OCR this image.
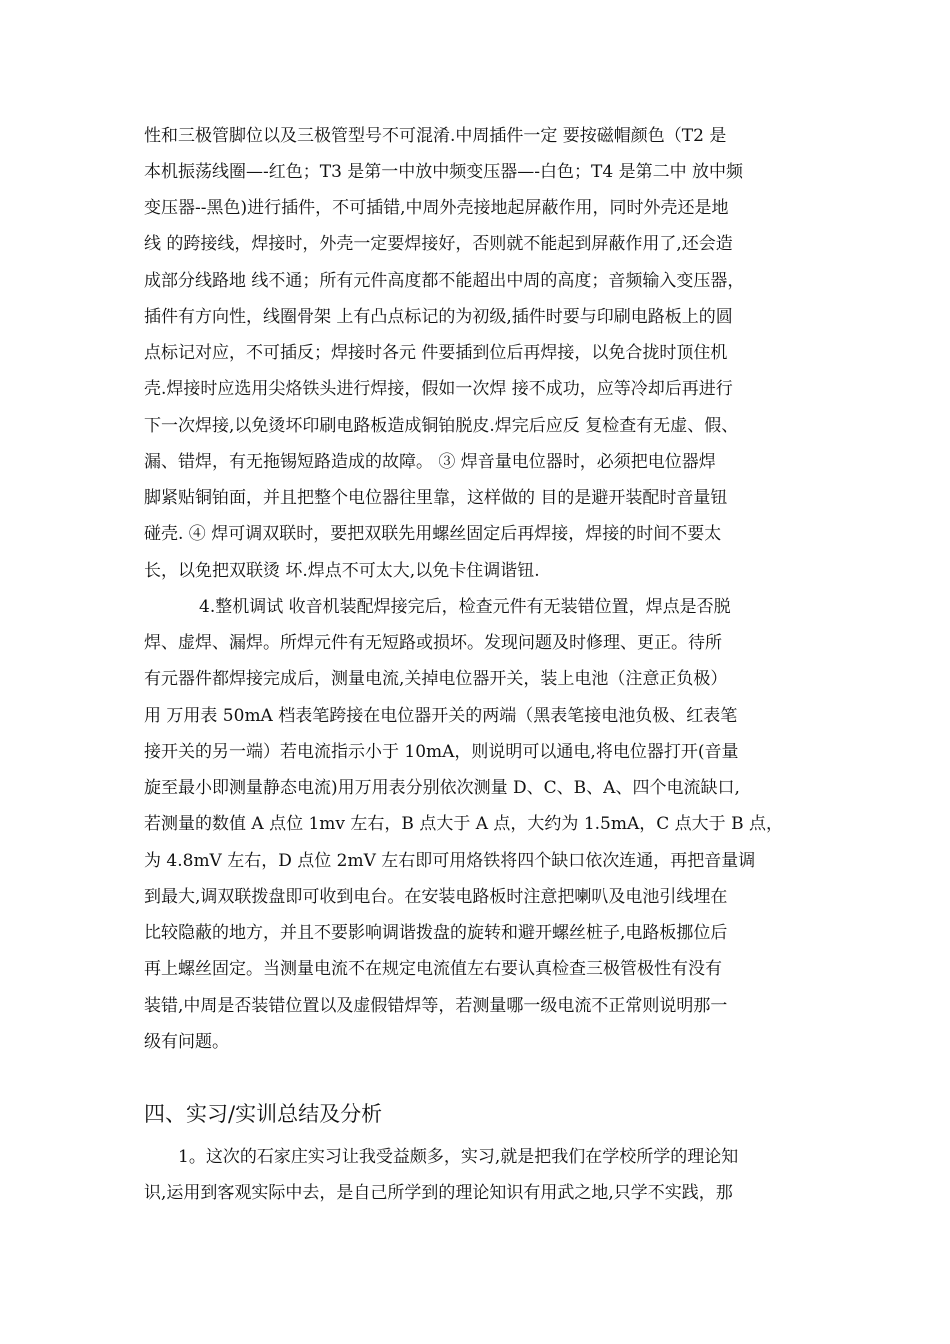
性和三极管脚位以及三极管型号不可混淆.中周插件一定 要按磁帽颜色（T2 是
本机振荡线圈—-红色；T3 是第一中放中频变压器—-白色；T4 是第二中 放中频
变压器--黑色)进行插件，不可插错,中周外壳接地起屏蔽作用，同时外壳还是地
线 的跨接线，焊接时，外壳一定要焊接好，否则就不能起到屏蔽作用了,还会造
成部分线路地 线不通；所有元件高度都不能超出中周的高度；音频输入变压器，
插件有方向性，线圈骨架 上有凸点标记的为初级,插件时要与印刷电路板上的圆
点标记对应，不可插反；焊接时各元 件要插到位后再焊接，以免合拢时顶住机
壳.焊接时应选用尖烙铁头进行焊接，假如一次焊 接不成功，应等冷却后再进行
下一次焊接,以免烫坏印刷电路板造成铜铂脱皮.焊完后应反 复检查有无虚、假、
漏、错焊，有无拖锡短路造成的故障。 ③ 焊音量电位器时，必须把电位器焊
脚紧贴铜铂面，并且把整个电位器往里靠，这样做的 目的是避开装配时音量钮
碰壳. ④ 焊可调双联时，要把双联先用螺丝固定后再焊接，焊接的时间不要太
长，以免把双联烫 坏.焊点不可太大,以免卡住调谐钮.
4.整机调试 收音机装配焊接完后，检查元件有无装错位置，焊点是否脱
焊、虚焊、漏焊。所焊元件有无短路或损坏。发现问题及时修理、更正。待所
有元器件都焊接完成后，测量电流,关掉电位器开关，装上电池（注意正负极）
用 万用表 50mA 档表笔跨接在电位器开关的两端（黑表笔接电池负极、红表笔
接开关的另一端）若电流指示小于 10mA，则说明可以通电,将电位器打开(音量
旋至最小即测量静态电流)用万用表分别依次测量 D、C、B、A、四个电流缺口,
若测量的数值 A 点位 1mv 左右，B 点大于 A 点，大约为 1.5mA，C 点大于 B 点，
为 4.8mV 左右，D 点位 2mV 左右即可用烙铁将四个缺口依次连通，再把音量调
到最大,调双联拨盘即可收到电台。在安装电路板时注意把喇叭及电池引线埋在
比较隐蔽的地方，并且不要影响调谐拨盘的旋转和避开螺丝桩子,电路板挪位后
再上螺丝固定。当测量电流不在规定电流值左右要认真检查三极管极性有没有
装错,中周是否装错位置以及虚假错焊等，若测量哪一级电流不正常则说明那一
级有问题。
四、实习/实训总结及分析
1。这次的石家庄实习让我受益颇多，实习,就是把我们在学校所学的理论知
识,运用到客观实际中去，是自己所学到的理论知识有用武之地,只学不实践，那
